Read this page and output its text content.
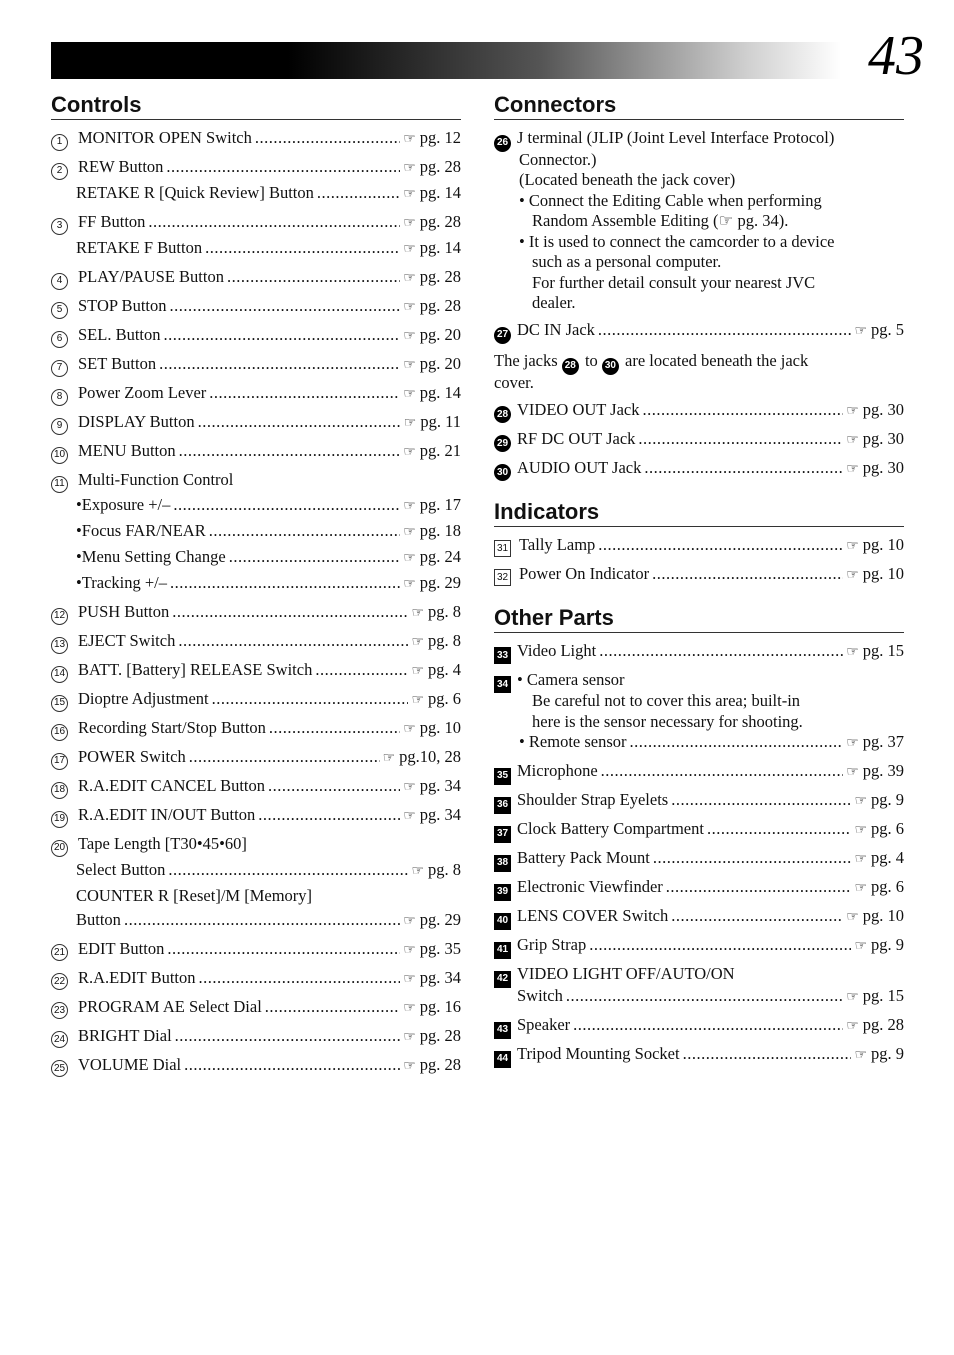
43
Controls
1 MONITOR OPEN Switch .....	☞ pg. 12
2 REW Button .....	☞ pg. 28
RETAKE R [Quick Review] Button .....	☞ pg. 14
3 FF Button .....	☞ pg. 28
RETAKE F Button .....	☞ pg. 14
4 PLAY/PAUSE Button .....	☞ pg. 28
5 STOP Button .....	☞ pg. 28
6 SEL. Button .....	☞ pg. 20
7 SET Button .....	☞ pg. 20
8 Power Zoom Lever .....	☞ pg. 14
9 DISPLAY Button .....	☞ pg. 11
10 MENU Button .....	☞ pg. 21
11 Multi-Function Control
•Exposure +/– .....	☞ pg. 17
•Focus FAR/NEAR .....	☞ pg. 18
•Menu Setting Change .....	☞ pg. 24
•Tracking +/– .....	☞ pg. 29
12 PUSH Button .....	☞ pg. 8
13 EJECT Switch .....	☞ pg. 8
14 BATT. [Battery] RELEASE Switch .....	☞ pg. 4
15 Dioptre Adjustment .....	☞ pg. 6
16 Recording Start/Stop Button .....	☞ pg. 10
17 POWER Switch .....	☞ pg.10, 28
18 R.A.EDIT CANCEL Button .....	☞ pg. 34
19 R.A.EDIT IN/OUT Button .....	☞ pg. 34
20 Tape Length [T30•45•60]
Select Button .....	☞ pg. 8
COUNTER R [Reset]/M [Memory]
Button .....	☞ pg. 29
21 EDIT Button .....	☞ pg. 35
22 R.A.EDIT Button .....	☞ pg. 34
23 PROGRAM AE Select Dial .....	☞ pg. 16
24 BRIGHT Dial .....	☞ pg. 28
25 VOLUME Dial .....	☞ pg. 28
Connectors
26 J terminal (JLIP (Joint Level Interface Protocol)
Connector.)
(Located beneath the jack cover)
• Connect the Editing Cable when performing
Random Assemble Editing (☞ pg. 34).
• It is used to connect the camcorder to a device
such as a personal computer.
For further detail consult your nearest JVC
dealer.
27 DC IN Jack .....	☞ pg. 5
The jacks
28
to
30
are located beneath the jack
cover.
28 VIDEO OUT Jack .....	☞ pg. 30
29 RF DC OUT Jack .....	☞ pg. 30
30 AUDIO OUT Jack .....	☞ pg. 30
Indicators
31 Tally Lamp .....	☞ pg. 10
32 Power On Indicator .....	☞ pg. 10
Other Parts
33 Video Light .....	☞ pg. 15
34 • Camera sensor
Be careful not to cover this area; built-in
here is the sensor necessary for shooting.
• Remote sensor .....	☞ pg. 37
35 Microphone .....	☞ pg. 39
36 Shoulder Strap Eyelets .....	☞ pg. 9
37 Clock Battery Compartment .....	☞ pg. 6
38 Battery Pack Mount .....	☞ pg. 4
39 Electronic Viewfinder .....	☞ pg. 6
40 LENS COVER Switch .....	☞ pg. 10
41 Grip Strap .....	☞ pg. 9
42 VIDEO LIGHT OFF/AUTO/ON
Switch .....	☞ pg. 15
43 Speaker .....	☞ pg. 28
44 Tripod Mounting Socket .....	☞ pg. 9
